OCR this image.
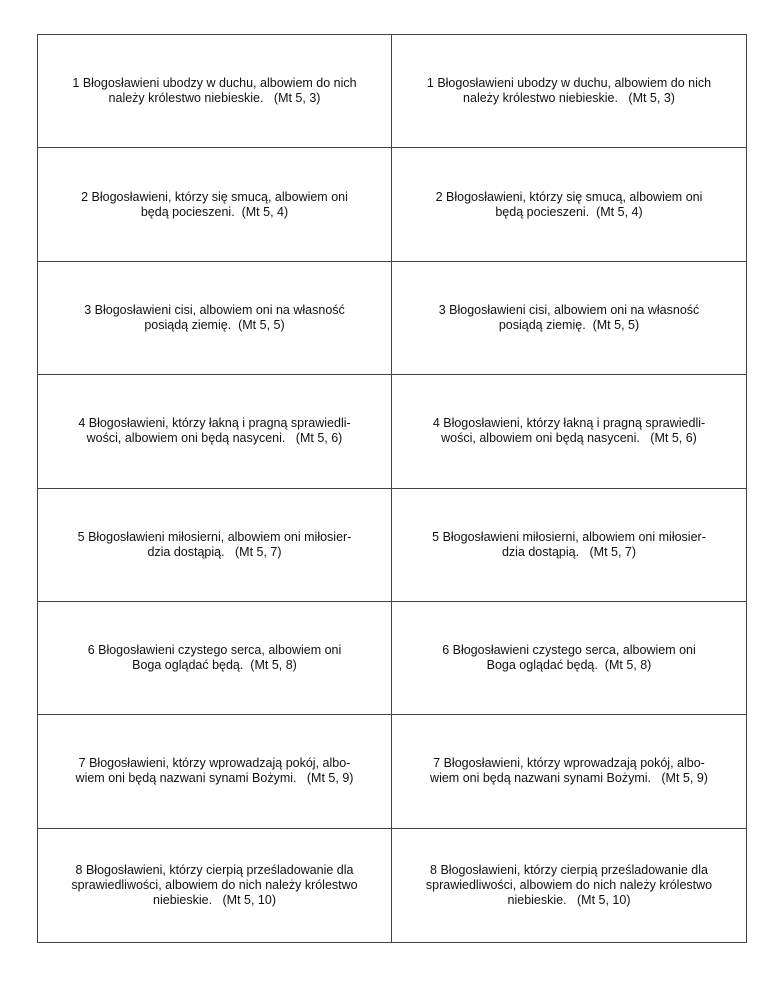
1 Błogosławieni ubodzy w duchu, albowiem do nich
należy królestwo niebieskie.   (Mt 5, 3)
1 Błogosławieni ubodzy w duchu, albowiem do nich
należy królestwo niebieskie.   (Mt 5, 3)
2 Błogosławieni, którzy się smucą, albowiem oni
będą pocieszeni.  (Mt 5, 4)
2 Błogosławieni, którzy się smucą, albowiem oni
będą pocieszeni.  (Mt 5, 4)
3 Błogosławieni cisi, albowiem oni na własność
posiądą ziemię.  (Mt 5, 5)
3 Błogosławieni cisi, albowiem oni na własność
posiądą ziemię.  (Mt 5, 5)
4 Błogosławieni, którzy łakną i pragną sprawiedli-
wości, albowiem oni będą nasyceni.   (Mt 5, 6)
4 Błogosławieni, którzy łakną i pragną sprawiedli-
wości, albowiem oni będą nasyceni.   (Mt 5, 6)
5 Błogosławieni miłosierni, albowiem oni miłosier-
dzia dostąpią.   (Mt 5, 7)
5 Błogosławieni miłosierni, albowiem oni miłosier-
dzia dostąpią.   (Mt 5, 7)
6 Błogosławieni czystego serca, albowiem oni
Boga oglądać będą.  (Mt 5, 8)
6 Błogosławieni czystego serca, albowiem oni
Boga oglądać będą.  (Mt 5, 8)
7 Błogosławieni, którzy wprowadzają pokój, albo-
wiem oni będą nazwani synami Bożymi.   (Mt 5, 9)
7 Błogosławieni, którzy wprowadzają pokój, albo-
wiem oni będą nazwani synami Bożymi.   (Mt 5, 9)
8 Błogosławieni, którzy cierpią prześladowanie dla
sprawiedliwości, albowiem do nich należy królestwo
niebieskie.   (Mt 5, 10)
8 Błogosławieni, którzy cierpią prześladowanie dla
sprawiedliwości, albowiem do nich należy królestwo
niebieskie.   (Mt 5, 10)
